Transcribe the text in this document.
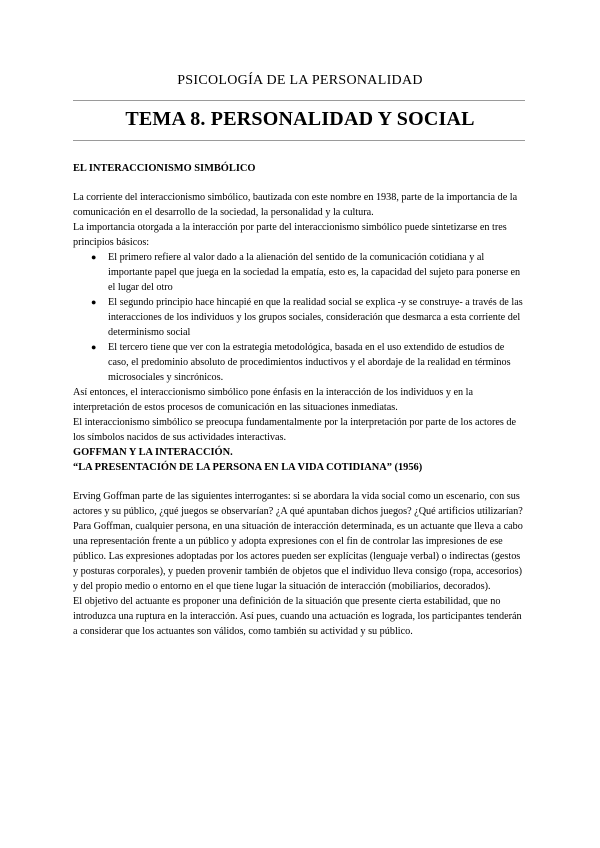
PSICOLOGÍA DE LA PERSONALIDAD
TEMA 8. PERSONALIDAD Y SOCIAL
EL INTERACCIONISMO SIMBÓLICO

La corriente del interaccionismo simbólico, bautizada con este nombre en 1938, parte de la importancia de la comunicación en el desarrollo de la sociedad, la personalidad y la cultura.

La importancia otorgada a la interacción por parte del interaccionismo simbólico puede sintetizarse en tres principios básicos:

● El primero refiere al valor dado a la alienación del sentido de la comunicación cotidiana y al importante papel que juega en la sociedad la empatía, esto es, la capacidad del sujeto para ponerse en el lugar del otro
● El segundo principio hace hincapié en que la realidad social se explica -y se construye- a través de las interacciones de los individuos y los grupos sociales, consideración que desmarca a esta corriente del determinismo social
● El tercero tiene que ver con la estrategia metodológica, basada en el uso extendido de estudios de caso, el predominio absoluto de procedimientos inductivos y el abordaje de la realidad en términos microsociales y sincrónicos.

Así entonces, el interaccionismo simbólico pone énfasis en la interacción de los individuos y en la interpretación de estos procesos de comunicación en las situaciones inmediatas.

El interaccionismo simbólico se preocupa fundamentalmente por la interpretación por parte de los actores de los símbolos nacidos de sus actividades interactivas.

GOFFMAN Y LA INTERACCIÓN.
“LA PRESENTACIÓN DE LA PERSONA EN LA VIDA COTIDIANA” (1956)

Erving Goffman parte de las siguientes interrogantes: si se abordara la vida social como un escenario, con sus actores y su público, ¿qué juegos se observarían? ¿A qué apuntaban dichos juegos? ¿Qué artificios utilizarían?

Para Goffman, cualquier persona, en una situación de interacción determinada, es un actuante que lleva a cabo una representación frente a un público y adopta expresiones con el fin de controlar las impresiones de ese público. Las expresiones adoptadas por los actores pueden ser explícitas (lenguaje verbal) o indirectas (gestos y posturas corporales), y pueden provenir también de objetos que el individuo lleva consigo (ropa, accesorios) y del propio medio o entorno en el que tiene lugar la situación de interacción (mobiliarios, decorados).

El objetivo del actuante es proponer una definición de la situación que presente cierta estabilidad, que no introduzca una ruptura en la interacción. Así pues, cuando una actuación es lograda, los participantes tenderán a considerar que los actuantes son válidos, como también su actividad y su público.
